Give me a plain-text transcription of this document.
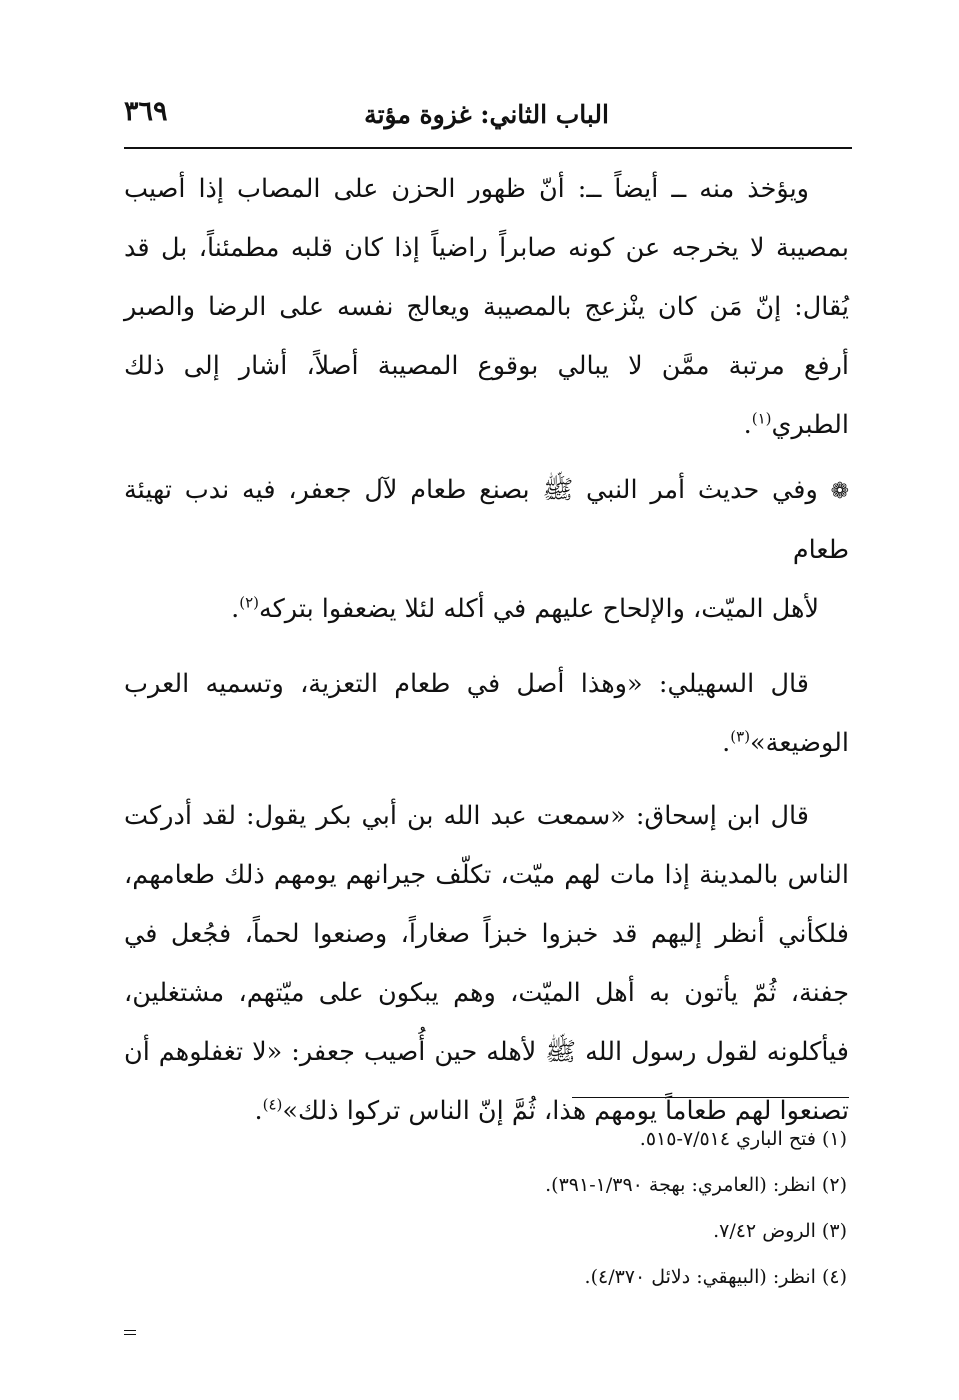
٣٦٩	الباب الثاني: غزوة مؤتة

ويؤخذ منه ــ أيضاً ــ: أنّ ظهور الحزن على المصاب إذا أصيب بمصيبة لا يخرجه عن كونه صابراً راضياً إذا كان قلبه مطمئناً، بل قد يُقال: إنّ مَن كان ينْزعج بالمصيبة ويعالج نفسه على الرضا والصبر أرفع مرتبة ممَّن لا يبالي بوقوع المصيبة أصلاً، أشار إلى ذلك الطبري$^{(١)}$.

❁ وفي حديث أمر النبي ﷺ بصنع طعام لآل جعفر، فيه ندب تهيئة طعام
لأهل الميّت، والإلحاح عليهم في أكله لئلا يضعفوا بتركه$^{(٢)}$.

قال السهيلي: «وهذا أصل في طعام التعزية، وتسميه العرب الوضيعة»$^{(٣)}$.

قال ابن إسحاق: «سمعت عبد الله بن أبي بكر يقول: لقد أدركت الناس بالمدينة إذا مات لهم ميّت، تكلّف جيرانهم يومهم ذلك طعامهم، فلكأني أنظر إليهم قد خبزوا خبزاً صغاراً، وصنعوا لحماً، فجُعل في جفنة، ثُمّ يأتون به أهل الميّت، وهم يبكون على ميّتهم، مشتغلين، فيأكلونه لقول رسول الله ﷺ لأهله حين أُصيب جعفر: «لا تغفلوهم أن تصنعوا لهم طعاماً يومهم هذا، ثُمَّ إنّ الناس تركوا ذلك»$^{(٤)}$.

(١) فتح الباري ٧/٥١٤-٥١٥.

(٢) انظر: (العامري: بهجة ١/٣٩٠-٣٩١).

(٣) الروض ٧/٤٢.

(٤) انظر: (البيهقي: دلائل ٤/٣٧٠).
